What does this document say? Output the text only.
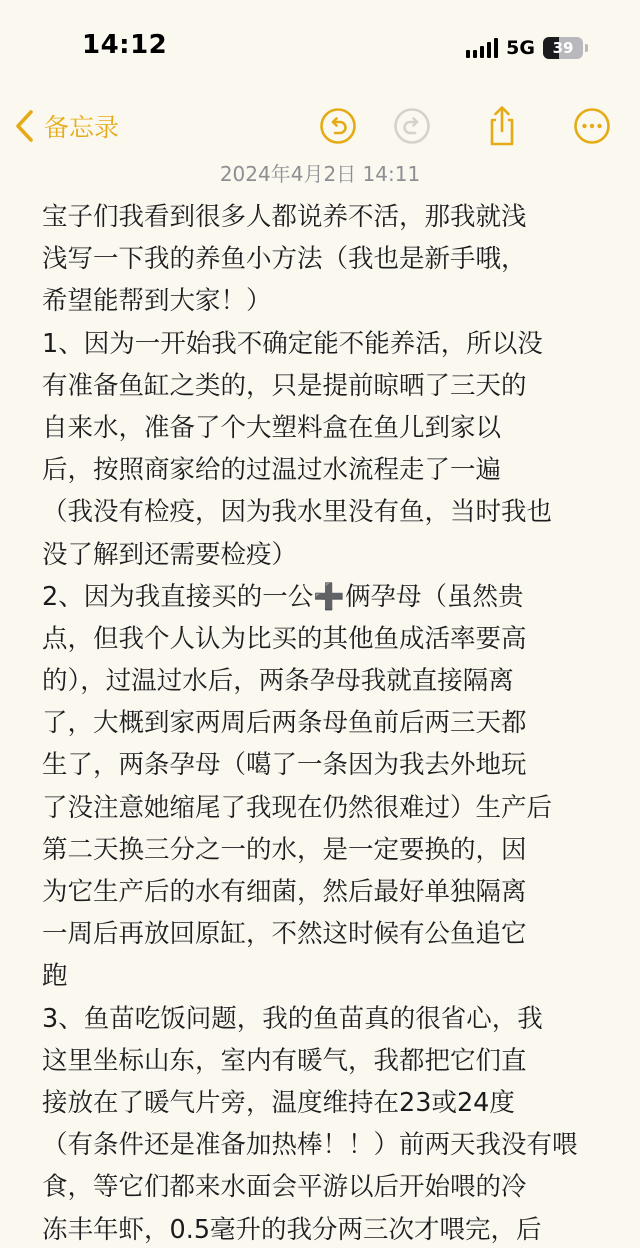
14:12	5G 39
备忘录
2024年4月2日 14:11
宝子们我看到很多人都说养不活，那我就浅
浅写一下我的养鱼小方法（我也是新手哦，
希望能帮到大家！）
1、因为一开始我不确定能不能养活，所以没
有准备鱼缸之类的，只是提前晾晒了三天的
自来水，准备了个大塑料盒在鱼儿到家以
后，按照商家给的过温过水流程走了一遍
（我没有检疫，因为我水里没有鱼，当时我也
没了解到还需要检疫）
2、因为我直接买的一公➕俩孕母（虽然贵
点，但我个人认为比买的其他鱼成活率要高
的），过温过水后，两条孕母我就直接隔离
了，大概到家两周后两条母鱼前后两三天都
生了，两条孕母（噶了一条因为我去外地玩
了没注意她缩尾了我现在仍然很难过）生产后
第二天换三分之一的水，是一定要换的，因
为它生产后的水有细菌，然后最好单独隔离
一周后再放回原缸，不然这时候有公鱼追它
跑
3、鱼苗吃饭问题，我的鱼苗真的很省心，我
这里坐标山东，室内有暖气，我都把它们直
接放在了暖气片旁，温度维持在23或24度
（有条件还是准备加热棒！！）前两天我没有喂
食，等它们都来水面会平游以后开始喂的冷
冻丰年虾，0.5毫升的我分两三次才喂完，后
